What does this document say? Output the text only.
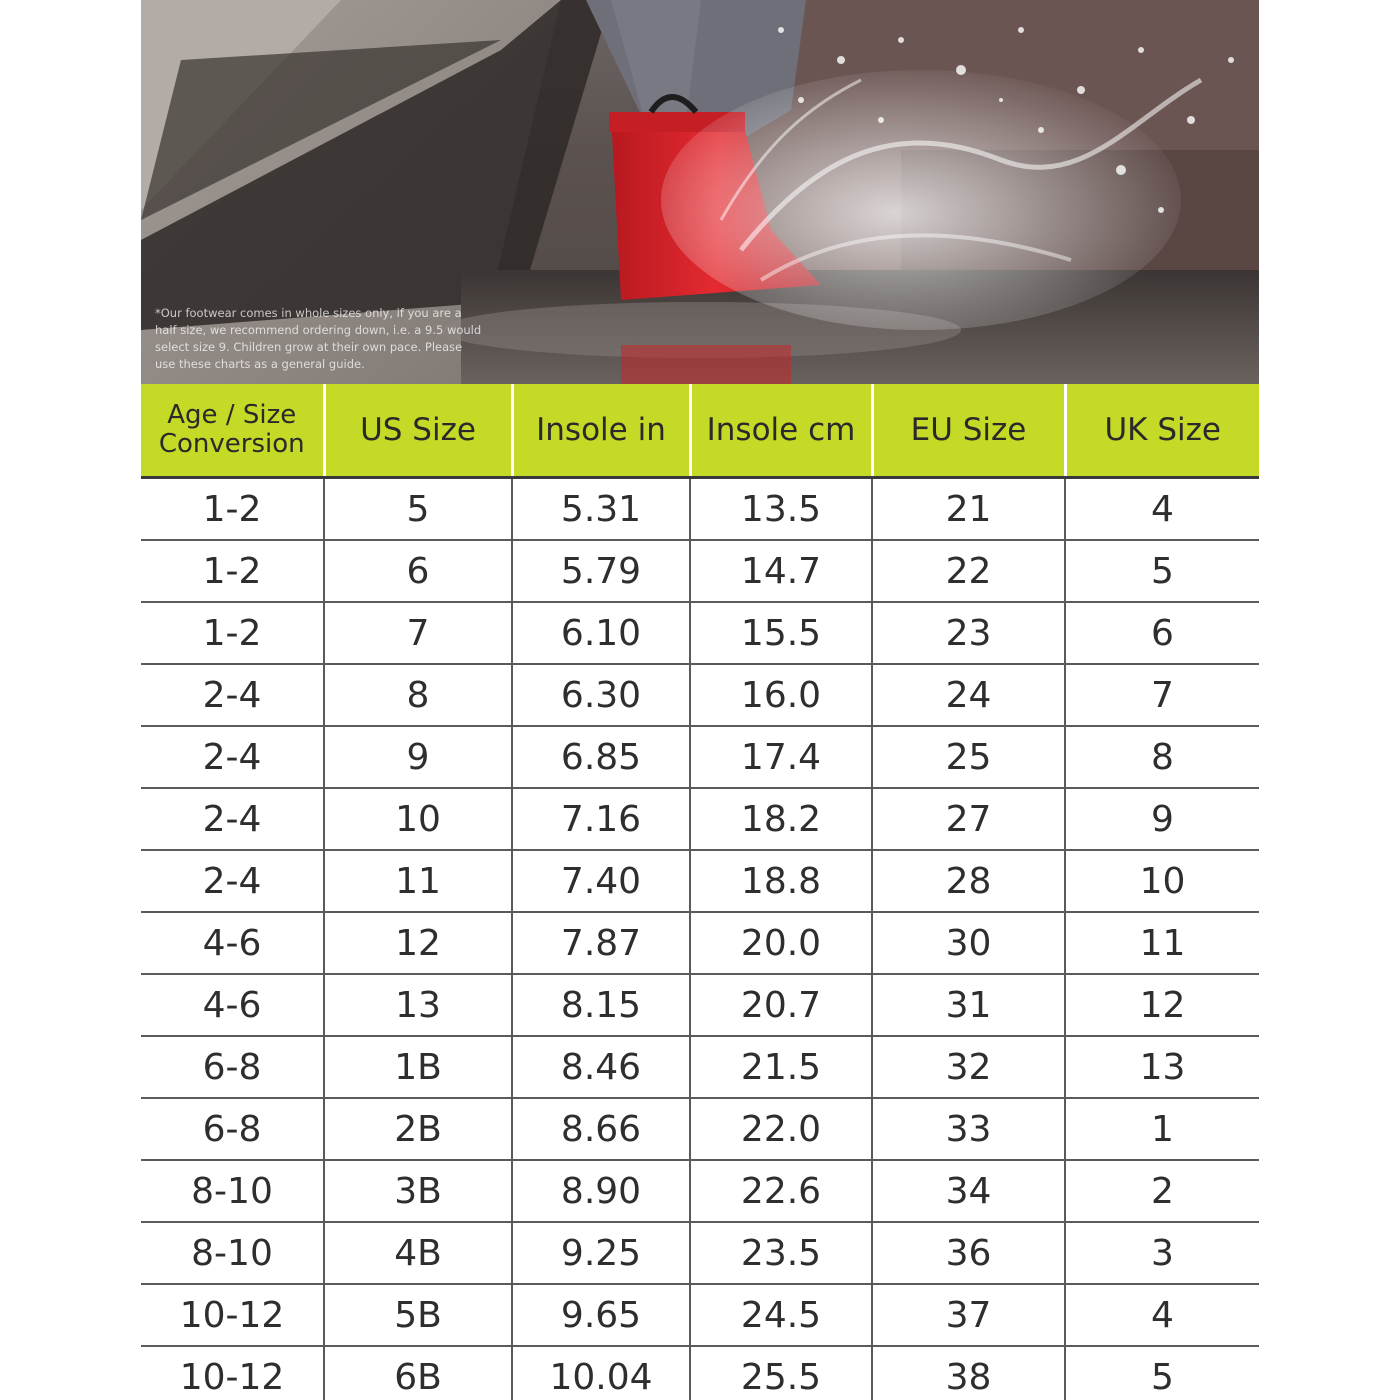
*Our footwear comes in whole sizes only, if you are a half size, we recommend ordering down, i.e. a 9.5 would select size 9. Children grow at their own pace. Please use these charts as a general guide.

Age / Size Conversion	US Size	Insole in	Insole cm	EU Size	UK Size
1-2	5	5.31	13.5	21	4
1-2	6	5.79	14.7	22	5
1-2	7	6.10	15.5	23	6
2-4	8	6.30	16.0	24	7
2-4	9	6.85	17.4	25	8
2-4	10	7.16	18.2	27	9
2-4	11	7.40	18.8	28	10
4-6	12	7.87	20.0	30	11
4-6	13	8.15	20.7	31	12
6-8	1B	8.46	21.5	32	13
6-8	2B	8.66	22.0	33	1
8-10	3B	8.90	22.6	34	2
8-10	4B	9.25	23.5	36	3
10-12	5B	9.65	24.5	37	4
10-12	6B	10.04	25.5	38	5
